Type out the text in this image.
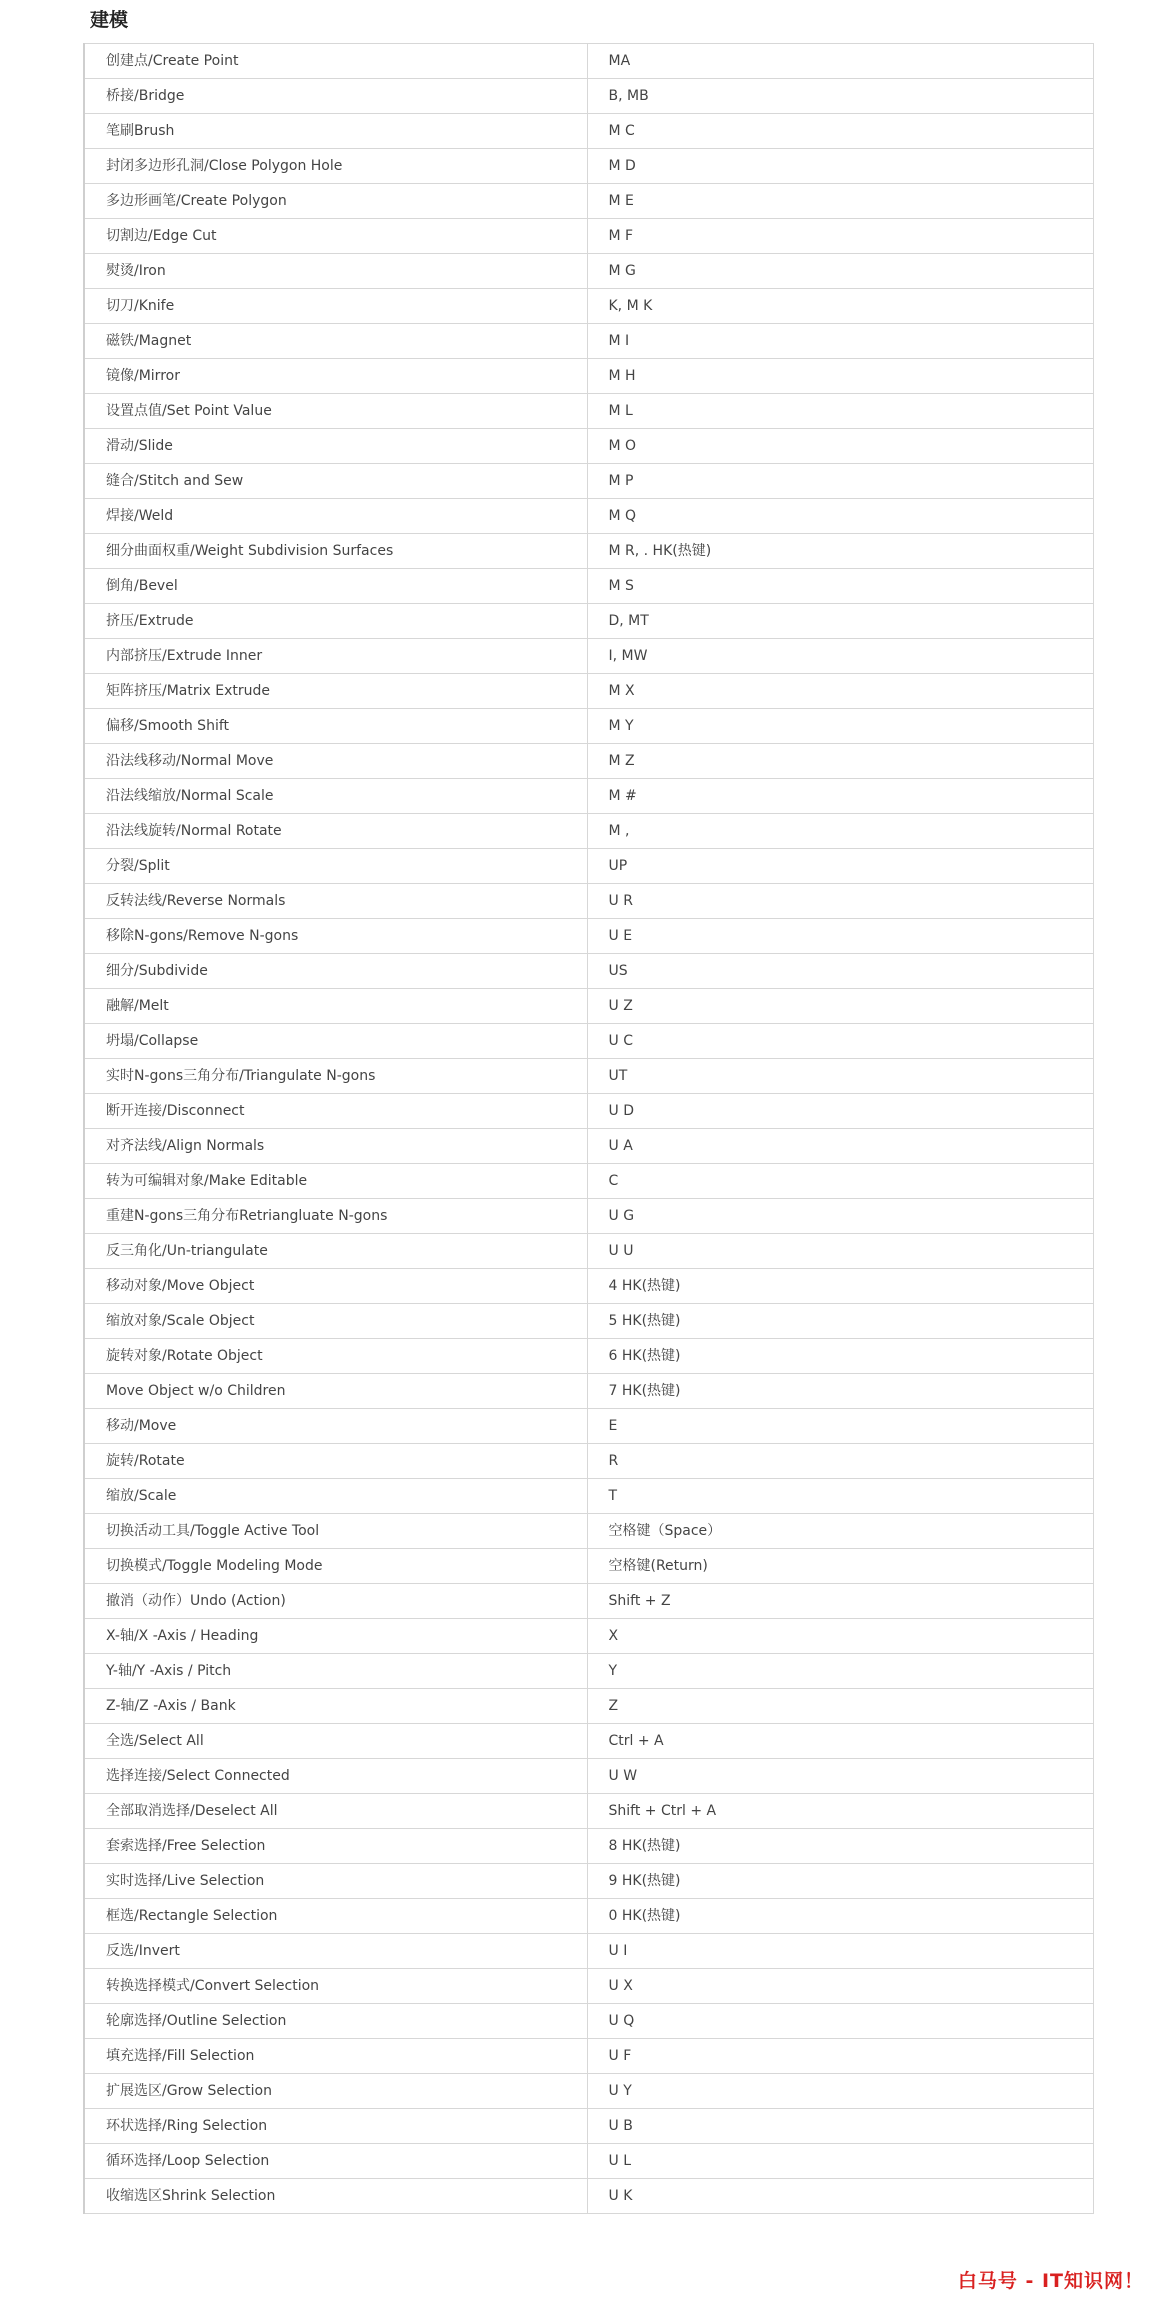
建模
创建点/Create Point	MA
桥接/Bridge	B, MB
笔刷Brush	M C
封闭多边形孔洞/Close Polygon Hole	M D
多边形画笔/Create Polygon	M E
切割边/Edge Cut	M F
熨烫/Iron	M G
切刀/Knife	K, M K
磁铁/Magnet	M I
镜像/Mirror	M H
设置点值/Set Point Value	M L
滑动/Slide	M O
缝合/Stitch and Sew	M P
焊接/Weld	M Q
细分曲面权重/Weight Subdivision Surfaces	M R, . HK(热键)
倒角/Bevel	M S
挤压/Extrude	D, MT
内部挤压/Extrude Inner	I, MW
矩阵挤压/Matrix Extrude	M X
偏移/Smooth Shift	M Y
沿法线移动/Normal Move	M Z
沿法线缩放/Normal Scale	M #
沿法线旋转/Normal Rotate	M ,
分裂/Split	UP
反转法线/Reverse Normals	U R
移除N-gons/Remove N-gons	U E
细分/Subdivide	US
融解/Melt	U Z
坍塌/Collapse	U C
实时N-gons三角分布/Triangulate N-gons	UT
断开连接/Disconnect	U D
对齐法线/Align Normals	U A
转为可编辑对象/Make Editable	C
重建N-gons三角分布Retriangluate N-gons	U G
反三角化/Un-triangulate	U U
移动对象/Move Object	4 HK(热键)
缩放对象/Scale Object	5 HK(热键)
旋转对象/Rotate Object	6 HK(热键)
Move Object w/o Children	7 HK(热键)
移动/Move	E
旋转/Rotate	R
缩放/Scale	T
切换活动工具/Toggle Active Tool	空格键（Space）
切换模式/Toggle Modeling Mode	空格键(Return)
撤消（动作）Undo (Action)	Shift + Z
X-轴/X -Axis / Heading	X
Y-轴/Y -Axis / Pitch	Y
Z-轴/Z -Axis / Bank	Z
全选/Select All	Ctrl + A
选择连接/Select Connected	U W
全部取消选择/Deselect All	Shift + Ctrl + A
套索选择/Free Selection	8 HK(热键)
实时选择/Live Selection	9 HK(热键)
框选/Rectangle Selection	0 HK(热键)
反选/Invert	U I
转换选择模式/Convert Selection	U X
轮廓选择/Outline Selection	U Q
填充选择/Fill Selection	U F
扩展选区/Grow Selection	U Y
环状选择/Ring Selection	U B
循环选择/Loop Selection	U L
收缩选区Shrink Selection	U K
白马号 - IT知识网！
